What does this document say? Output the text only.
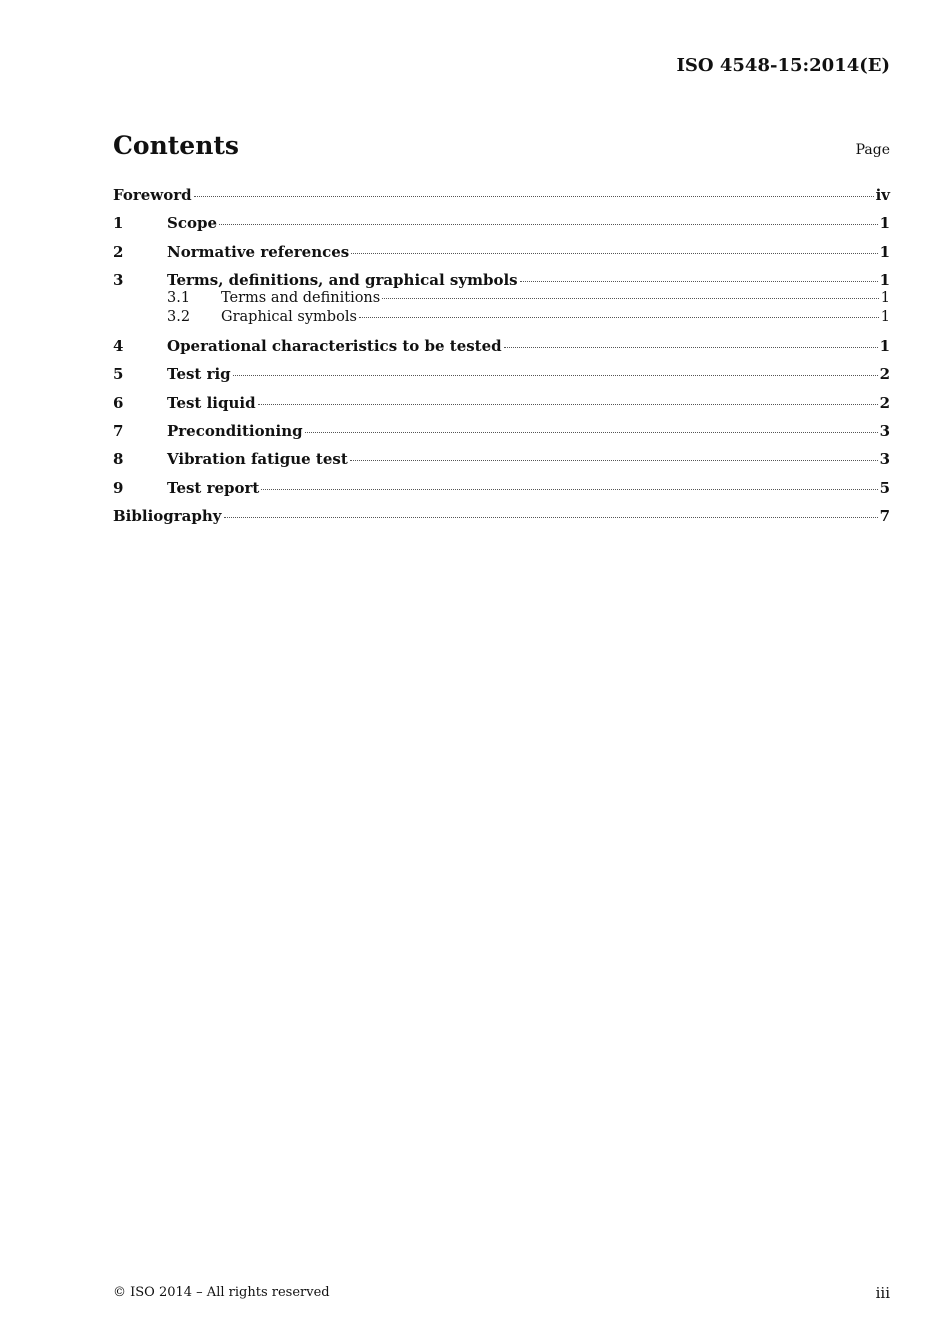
ISO 4548-15:2014(E)
Contents	Page
Foreword	iv
1	Scope	1
2	Normative references	1
3	Terms, definitions, and graphical symbols	1
3.1	Terms and definitions	1
3.2	Graphical symbols	1
4	Operational characteristics to be tested	1
5	Test rig	2
6	Test liquid	2
7	Preconditioning	3
8	Vibration fatigue test	3
9	Test report	5
Bibliography	7
© ISO 2014 – All rights reserved	iii
